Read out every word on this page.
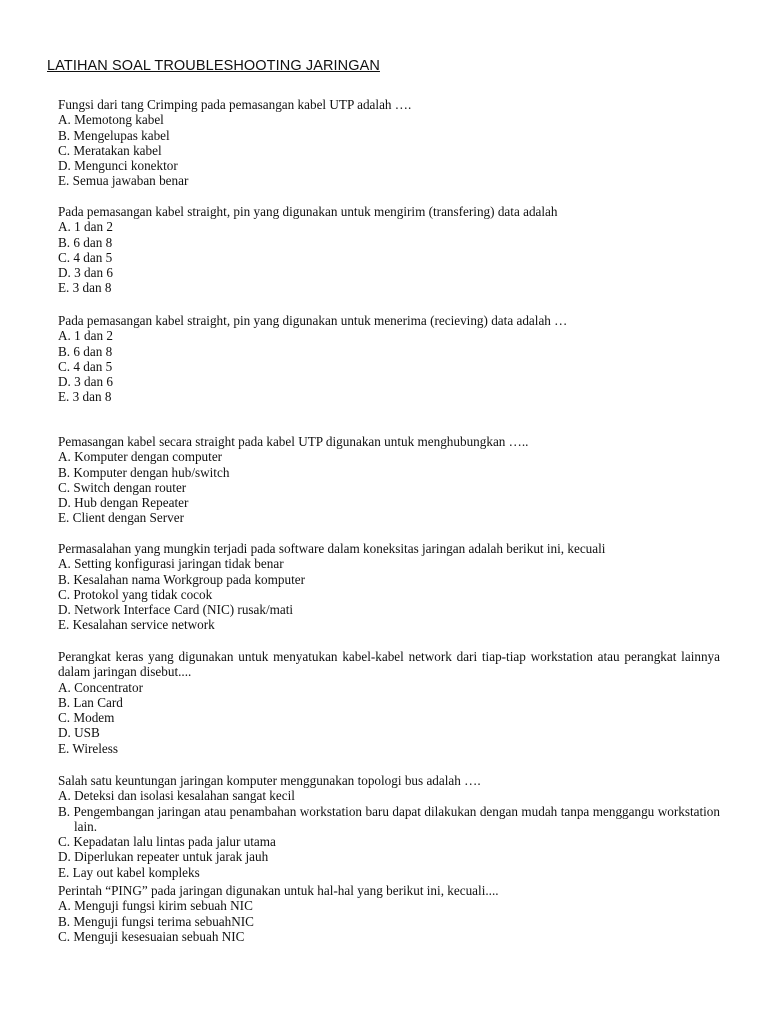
LATIHAN SOAL TROUBLESHOOTING JARINGAN

Fungsi dari tang Crimping pada pemasangan kabel UTP adalah ….

A. Memotong kabel

B. Mengelupas kabel

C. Meratakan kabel

D. Mengunci konektor

E. Semua jawaban benar

Pada pemasangan kabel straight, pin yang digunakan untuk mengirim (transfering) data adalah

A. 1 dan 2

B. 6 dan 8

C. 4 dan 5

D. 3 dan 6

E. 3 dan 8

Pada pemasangan kabel straight, pin yang digunakan untuk menerima (recieving) data adalah …

A. 1 dan 2

B. 6 dan 8

C. 4 dan 5

D. 3 dan 6

E. 3 dan 8

Pemasangan kabel secara straight pada kabel UTP digunakan untuk menghubungkan …..

A. Komputer dengan computer

B. Komputer dengan hub/switch

C. Switch dengan router

D. Hub dengan Repeater

E. Client dengan Server

Permasalahan yang mungkin terjadi pada software dalam koneksitas jaringan adalah berikut ini, kecuali

A. Setting konfigurasi jaringan tidak benar

B. Kesalahan nama Workgroup pada komputer

C. Protokol yang tidak cocok

D. Network Interface Card (NIC) rusak/mati

E. Kesalahan service network

Perangkat keras yang digunakan untuk menyatukan kabel-kabel network dari tiap-tiap workstation atau perangkat lainnya dalam jaringan disebut....

A. Concentrator

B. Lan Card

C. Modem

D. USB

E. Wireless

Salah satu keuntungan jaringan komputer menggunakan topologi bus adalah ….

A. Deteksi dan isolasi kesalahan sangat kecil

B. Pengembangan jaringan atau penambahan workstation baru dapat dilakukan dengan mudah tanpa menggangu workstation lain.

C. Kepadatan lalu lintas pada jalur utama

D. Diperlukan repeater untuk jarak jauh

E. Lay out kabel kompleks

Perintah “PING” pada jaringan digunakan untuk hal-hal yang berikut ini, kecuali....

A. Menguji fungsi kirim sebuah NIC

B. Menguji fungsi terima sebuahNIC

C. Menguji kesesuaian sebuah NIC
